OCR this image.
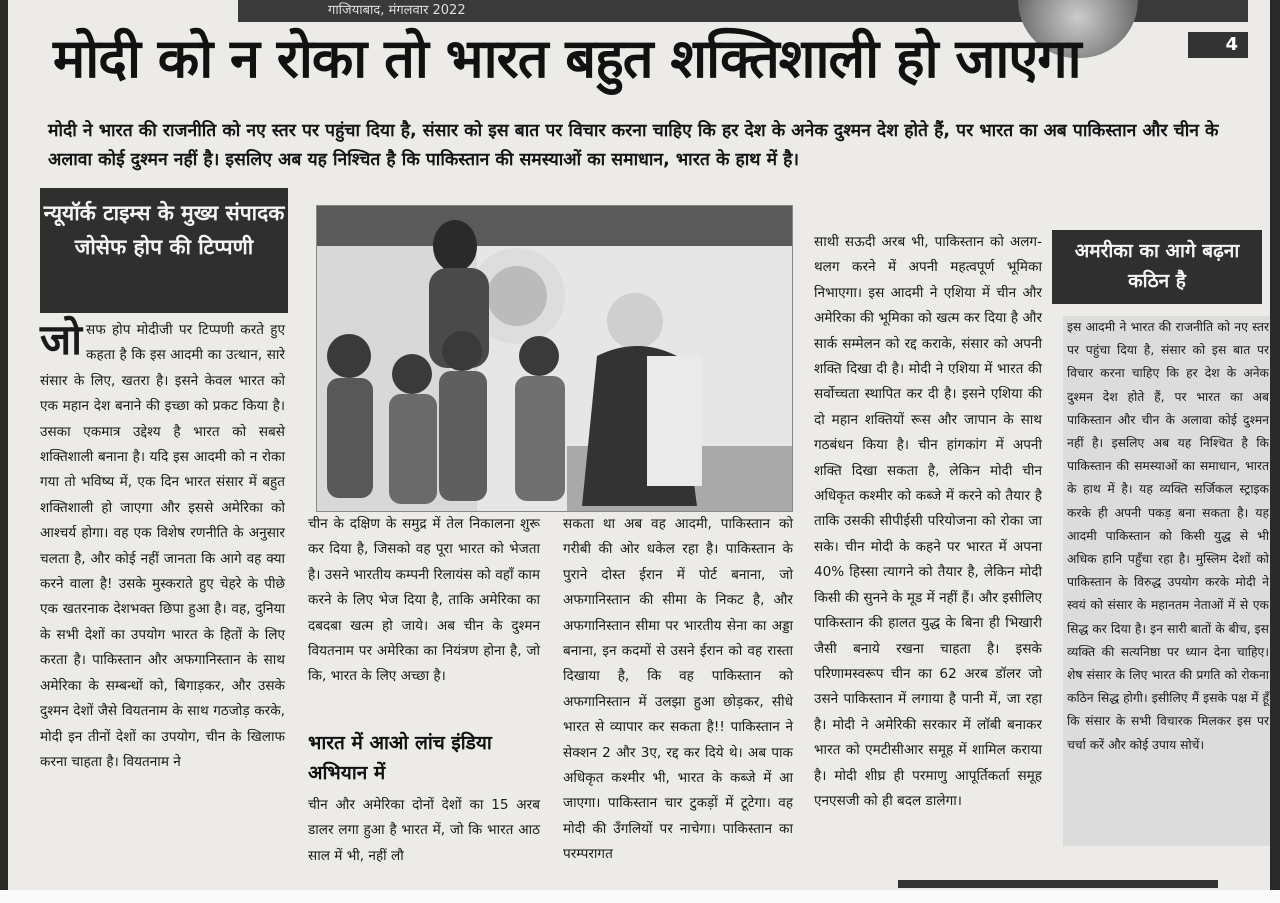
गाजियाबाद, मंगलवार 2022
4
मोदी को न रोका तो भारत बहुत शक्तिशाली हो जाएगा
मोदी ने भारत की राजनीति को नए स्तर पर पहुंचा दिया है, संसार को इस बात पर विचार करना चाहिए कि हर देश के अनेक दुश्मन देश होते हैं, पर भारत का अब पाकिस्तान और चीन के अलावा कोई दुश्मन नहीं है। इसलिए अब यह निश्चित है कि पाकिस्तान की समस्याओं का समाधान, भारत के हाथ में है।
न्यूयॉर्क टाइम्स के मुख्य संपादक जोसेफ होप की टिप्पणी
जोसफ होप मोदीजी पर टिप्पणी करते हुए कहता है कि इस आदमी का उत्थान, सारे संसार के लिए, खतरा है। इसने केवल भारत को एक महान देश बनाने की इच्छा को प्रकट किया है। उसका एकमात्र उद्देश्य है भारत को सबसे शक्तिशाली बनाना है। यदि इस आदमी को न रोका गया तो भविष्य में, एक दिन भारत संसार में बहुत शक्तिशाली हो जाएगा और इससे अमेरिका को आश्चर्य होगा। वह एक विशेष रणनीति के अनुसार चलता है, और कोई नहीं जानता कि आगे वह क्या करने वाला है! उसके मुस्कराते हुए चेहरे के पीछे एक खतरनाक देशभक्त छिपा हुआ है। वह, दुनिया के सभी देशों का उपयोग भारत के हितों के लिए करता है। पाकिस्तान और अफगानिस्तान के साथ अमेरिका के सम्बन्धों को, बिगाड़कर, और उसके दुश्मन देशों जैसे वियतनाम के साथ गठजोड़ करके, मोदी इन तीनों देशों का उपयोग, चीन के खिलाफ करना चाहता है। वियतनाम ने
चीन के दक्षिण के समुद्र में तेल निकालना शुरू कर दिया है, जिसको वह पूरा भारत को भेजता है। उसने भारतीय कम्पनी रिलायंस को वहाँ काम करने के लिए भेज दिया है, ताकि अमेरिका का दबदबा खत्म हो जाये। अब चीन के दुश्मन वियतनाम पर अमेरिका का नियंत्रण होना है, जो कि, भारत के लिए अच्छा है।
भारत में आओ लांच इंडिया अभियान में
चीन और अमेरिका दोनों देशों का 15 अरब डालर लगा हुआ है भारत में, जो कि भारत आठ साल में भी, नहीं लौ
सकता था अब वह आदमी, पाकिस्तान को गरीबी की ओर धकेल रहा है। पाकिस्तान के पुराने दोस्त ईरान में पोर्ट बनाना, जो अफगानिस्तान की सीमा के निकट है, और अफगानिस्तान सीमा पर भारतीय सेना का अड्डा बनाना, इन कदमों से उसने ईरान को वह रास्ता दिखाया है, कि वह पाकिस्तान को अफगानिस्तान में उलझा हुआ छोड़कर, सीधे भारत से व्यापार कर सकता है!! पाकिस्तान ने सेक्शन 2 और 3ए, रद्द कर दिये थे। अब पाक अधिकृत कश्मीर भी, भारत के कब्जे में आ जाएगा। पाकिस्तान चार टुकड़ों में टूटेगा। वह मोदी की उँगलियों पर नाचेगा। पाकिस्तान का परम्परागत
साथी सऊदी अरब भी, पाकिस्तान को अलग-थलग करने में अपनी महत्वपूर्ण भूमिका निभाएगा। इस आदमी ने एशिया में चीन और अमेरिका की भूमिका को खत्म कर दिया है और सार्क सम्मेलन को रद्द कराके, संसार को अपनी शक्ति दिखा दी है। मोदी ने एशिया में भारत की सर्वोच्चता स्थापित कर दी है। इसने एशिया की दो महान शक्तियों रूस और जापान के साथ गठबंधन किया है। चीन हांगकांग में अपनी शक्ति दिखा सकता है, लेकिन मोदी चीन अधिकृत कश्मीर को कब्जे में करने को तैयार है ताकि उसकी सीपीईसी परियोजना को रोका जा सके। चीन मोदी के कहने पर भारत में अपना 40% हिस्सा त्यागने को तैयार है, लेकिन मोदी किसी की सुनने के मूड में नहीं हैं। और इसीलिए पाकिस्तान की हालत युद्ध के बिना ही भिखारी जैसी बनाये रखना चाहता है। इसके परिणामस्वरूप चीन का 62 अरब डॉलर जो उसने पाकिस्तान में लगाया है पानी में, जा रहा है। मोदी ने अमेरिकी सरकार में लॉबी बनाकर भारत को एमटीसीआर समूह में शामिल कराया है। मोदी शीघ्र ही परमाणु आपूर्तिकर्ता समूह एनएसजी को ही बदल डालेगा।
अमरीका का आगे बढ़ना कठिन है
इस आदमी ने भारत की राजनीति को नए स्तर पर पहुंचा दिया है, संसार को इस बात पर विचार करना चाहिए कि हर देश के अनेक दुश्मन देश होते हैं, पर भारत का अब पाकिस्तान और चीन के अलावा कोई दुश्मन नहीं है। इसलिए अब यह निश्चित है कि पाकिस्तान की समस्याओं का समाधान, भारत के हाथ में है। यह व्यक्ति सर्जिकल स्ट्राइक करके ही अपनी पकड़ बना सकता है। यह आदमी पाकिस्तान को किसी युद्ध से भी अधिक हानि पहुँचा रहा है। मुस्लिम देशों को पाकिस्तान के विरुद्ध उपयोग करके मोदी ने स्वयं को संसार के महानतम नेताओं में से एक सिद्ध कर दिया है। इन सारी बातों के बीच, इस व्यक्ति की सत्यनिष्ठा पर ध्यान देना चाहिए। शेष संसार के लिए भारत की प्रगति को रोकना कठिन सिद्ध होगी। इसीलिए मैं इसके पक्ष में हूँ कि संसार के सभी विचारक मिलकर इस पर चर्चा करें और कोई उपाय सोचें।
